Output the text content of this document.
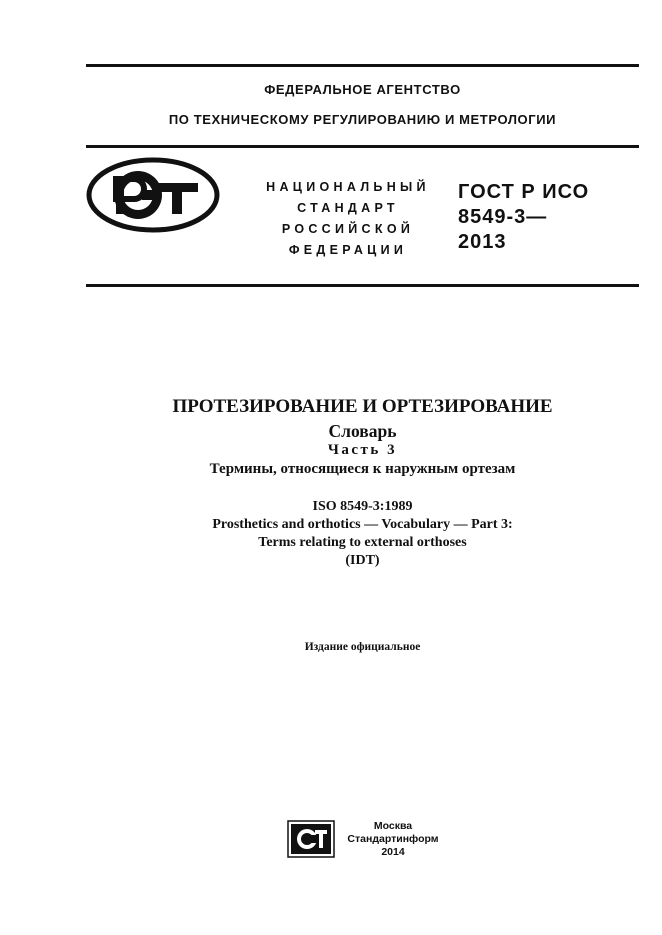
ФЕДЕРАЛЬНОЕ АГЕНТСТВО
ПО ТЕХНИЧЕСКОМУ РЕГУЛИРОВАНИЮ И МЕТРОЛОГИИ
НАЦИОНАЛЬНЫЙ
СТАНДАРТ
РОССИЙСКОЙ
ФЕДЕРАЦИИ
ГОСТ Р ИСО
8549-3—
2013
ПРОТЕЗИРОВАНИЕ И ОРТЕЗИРОВАНИЕ
Словарь
Часть 3
Термины, относящиеся к наружным ортезам
ISO 8549-3:1989
Prosthetics and orthotics — Vocabulary — Part 3:
Terms relating to external orthoses
(IDT)
Издание официальное
Москва
Стандартинформ
2014
